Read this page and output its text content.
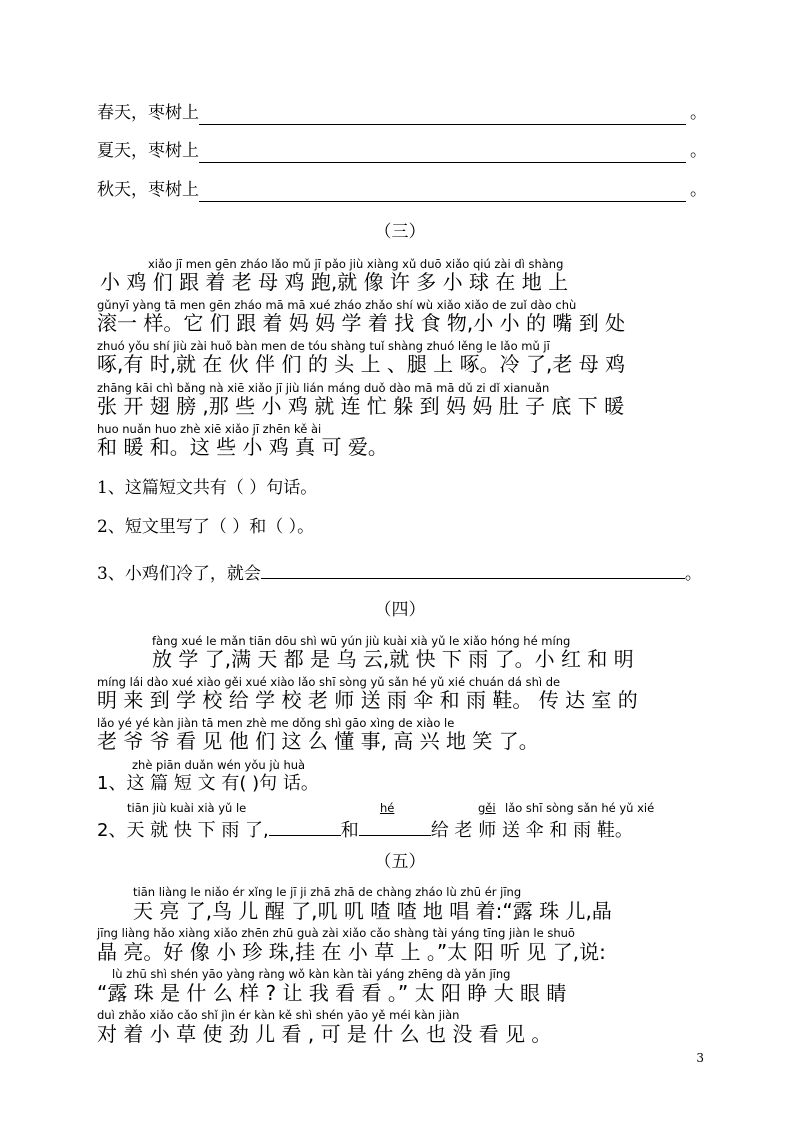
春天，枣树上	。
夏天，枣树上	。
秋天，枣树上	。
（三）
xiǎo jī men gēn zháo lǎo mǔ jī pǎo jiù xiàng xǔ duō xiǎo qiú zài dì shàng
小 鸡 们 跟 着 老 母 鸡 跑,就 像 许 多 小 球 在 地 上
gǔnyī yàng tā men gēn zháo mā mā xué zháo zhǎo shí wù xiǎo xiǎo de zuǐ dào chù
滚一 样。它 们 跟 着 妈 妈 学 着 找 食 物,小 小 的 嘴 到 处
zhuó yǒu shí jiù zài huǒ bàn men de tóu shàng tuǐ shàng zhuó lěng le lǎo mǔ jī
啄,有 时,就 在 伙 伴 们 的 头 上 、腿 上 啄。冷 了,老 母 鸡
zhāng kāi chì bǎng nà xiē xiǎo jī jiù lián máng duǒ dào mā mā dǔ zi dǐ xianuǎn
张 开 翅 膀 ,那 些 小 鸡 就 连 忙 躲 到 妈 妈 肚 子 底 下 暖
huo nuǎn huo zhè xiē xiǎo jī zhēn kě ài
和 暖 和。这 些 小 鸡 真 可 爱。
1、这篇短文共有（ ）句话。
2、短文里写了（ ）和（ ）。
3、小鸡们冷了，就会	。
（四）
fàng xué le mǎn tiān dōu shì wū yún jiù kuài xià yǔ le xiǎo hóng hé míng
放 学 了,满 天 都 是 乌 云,就 快 下 雨 了。小 红 和 明
míng lái dào xué xiào gěi xué xiào lǎo shī sòng yǔ sǎn hé yǔ xié chuán dá shì de
明 来 到 学 校 给 学 校 老 师 送 雨 伞 和 雨 鞋。 传 达 室 的
lǎo yé yé kàn jiàn tā men zhè me dǒng shì gāo xìng de xiào le
老 爷 爷 看 见 他 们 这 么 懂 事, 高 兴 地 笑 了。
zhè piān duǎn wén yǒu jù huà
1、这 篇 短 文 有( )句 话。
tiān jiù kuài xià yǔ le	hé	gěi lǎo shī sòng sǎn hé yǔ xié
2、天 就 快 下 雨 了,	和	给 老 师 送 伞 和 雨 鞋。
（五）
tiān liàng le niǎo ér xǐng le jī ji zhā zhā de chàng zháo lù zhū ér jīng
天 亮 了,鸟 儿 醒 了,叽 叽 喳 喳 地 唱 着:“露 珠 儿,晶
jīng liàng hǎo xiàng xiǎo zhēn zhū guà zài xiǎo cǎo shàng tài yáng tīng jiàn le shuō
晶 亮。好 像 小 珍 珠,挂 在 小 草 上 。”太 阳 听 见 了,说:
lù zhū shì shén yāo yàng ràng wǒ kàn kàn tài yáng zhēng dà yǎn jīng
“露 珠 是 什 么 样 ? 让 我 看 看 。” 太 阳 睁 大 眼 睛
duì zhǎo xiǎo cǎo shǐ jìn ér kàn kě shì shén yāo yě méi kàn jiàn
对 着 小 草 使 劲 儿 看 , 可 是 什 么 也 没 看 见 。
3
